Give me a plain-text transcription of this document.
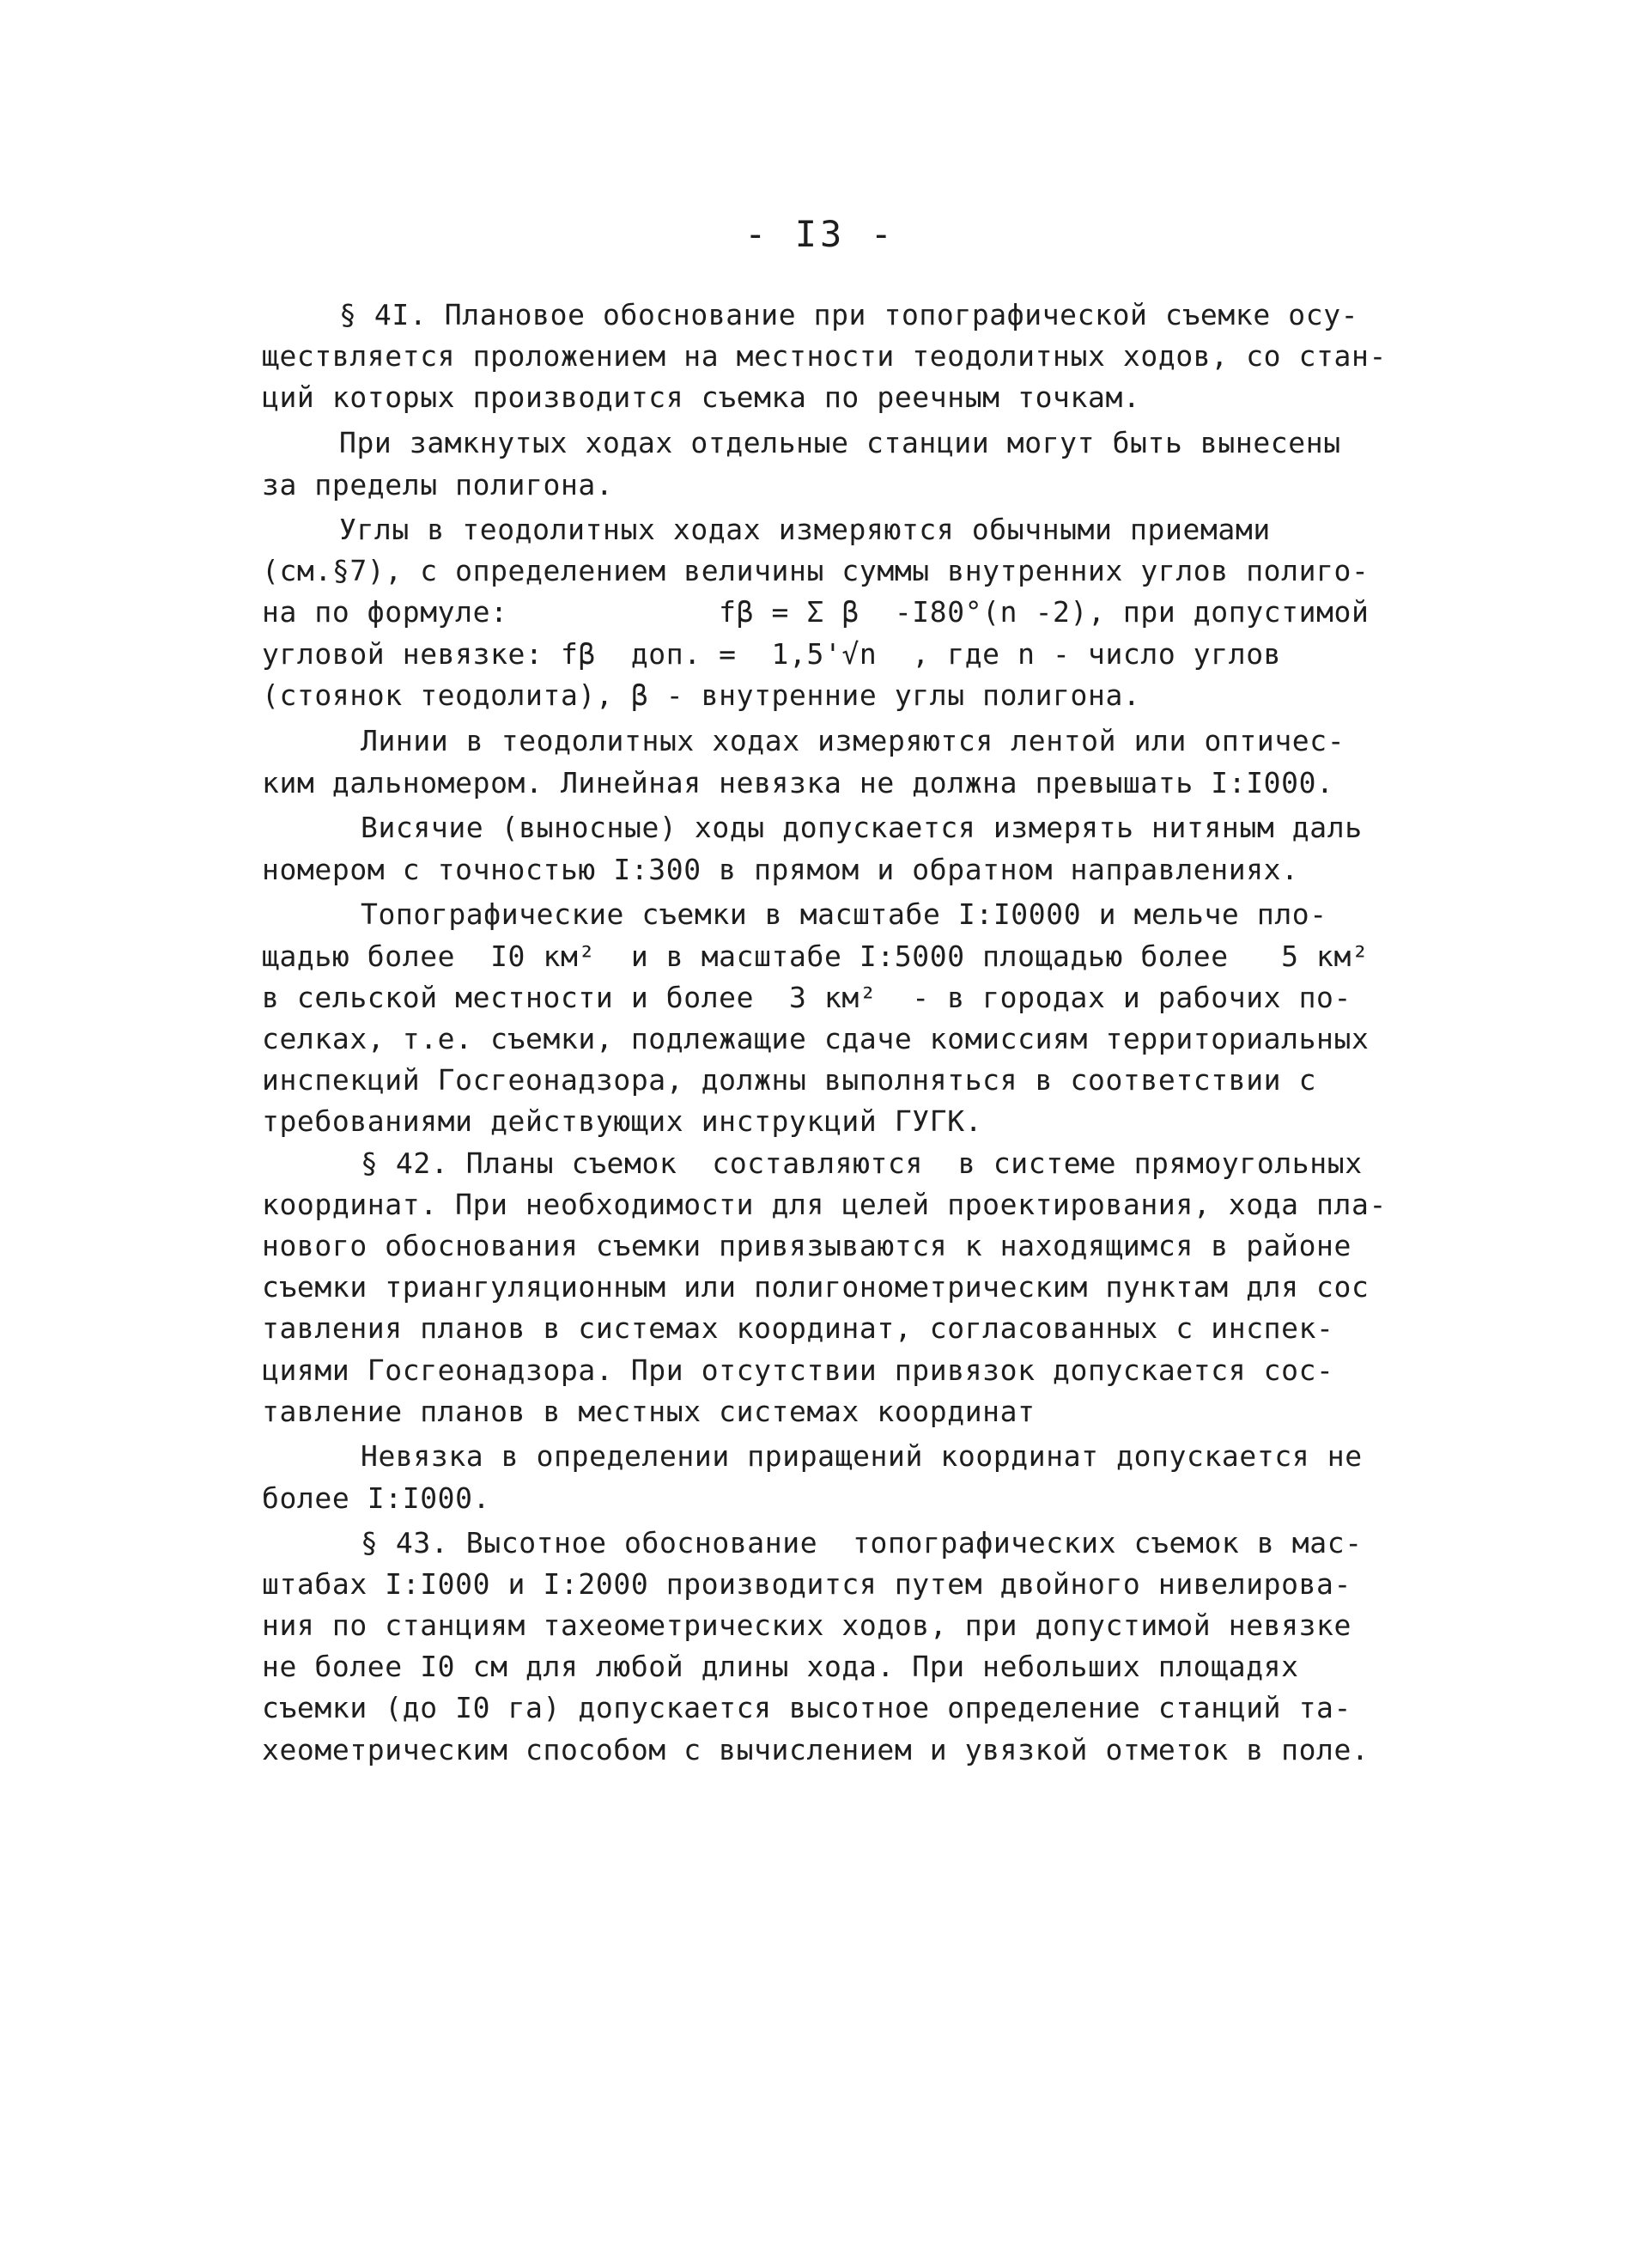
- I3 -
§ 4I. Плановое обоснование при топографической съемке осу-
ществляется проложением на местности теодолитных ходов, со стан-
ций которых производится съемка по реечным точкам.
При замкнутых ходах отдельные станции могут быть вынесены
за пределы полигона.
Углы в теодолитных ходах измеряются обычными приемами
(см.§7), с определением величины суммы внутренних углов полиго-
на по формуле:            fβ = Σ β  -I80°(n -2), при допустимой
угловой невязке: fβ  доп. =  1,5'√n  , где n - число углов
(стоянок теодолита), β - внутренние углы полигона.
Линии в теодолитных ходах измеряются лентой или оптичес-
ким дальномером. Линейная невязка не должна превышать I:I000.
Висячие (выносные) ходы допускается измерять нитяным даль
номером с точностью I:300 в прямом и обратном направлениях.
Топографические съемки в масштабе I:I0000 и мельче пло-
щадью более  I0 км²  и в масштабе I:5000 площадью более   5 км²
в сельской местности и более  3 км²  - в городах и рабочих по-
селках, т.е. съемки, подлежащие сдаче комиссиям территориальных
инспекций Госгеонадзора, должны выполняться в соответствии с
требованиями действующих инструкций ГУГК.
§ 42. Планы съемок  составляются  в системе прямоугольных
координат. При необходимости для целей проектирования, хода пла-
нового обоснования съемки привязываются к находящимся в районе
съемки триангуляционным или полигонометрическим пунктам для сос
тавления планов в системах координат, согласованных с инспек-
циями Госгеонадзора. При отсутствии привязок допускается сос-
тавление планов в местных системах координат
Невязка в определении приращений координат допускается не
более I:I000.
§ 43. Высотное обоснование  топографических съемок в мас-
штабах I:I000 и I:2000 производится путем двойного нивелирова-
ния по станциям тахеометрических ходов, при допустимой невязке
не более I0 см для любой длины хода. При небольших площадях
съемки (до I0 га) допускается высотное определение станций та-
хеометрическим способом с вычислением и увязкой отметок в поле.
